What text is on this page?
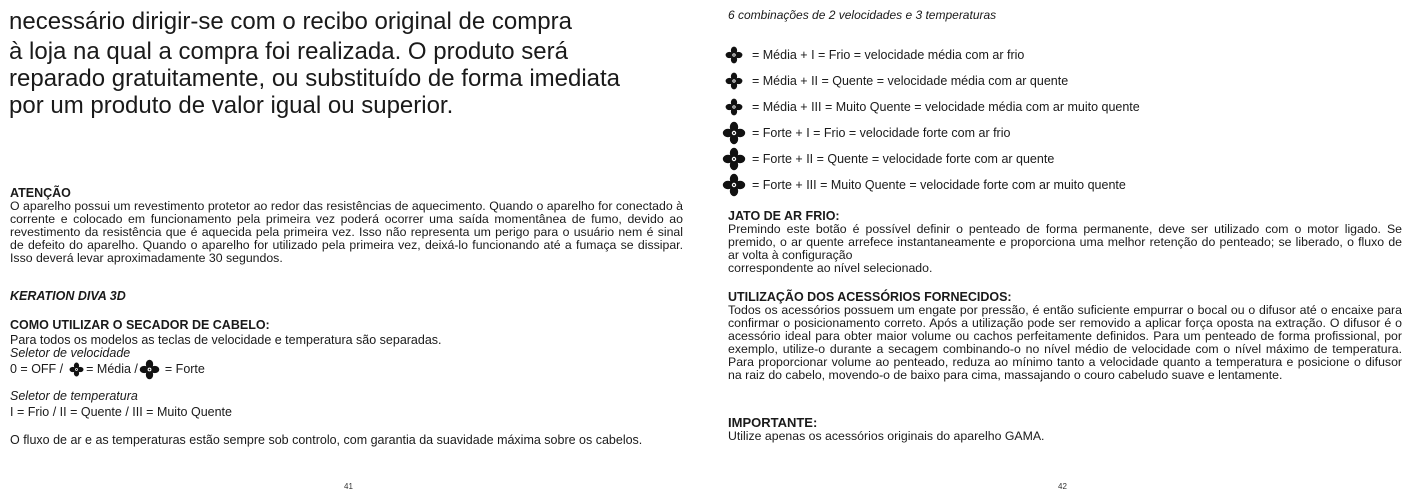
necessário dirigir-se com o recibo original de compra
à loja na qual a compra foi realizada. O produto será
reparado gratuitamente, ou substituído de forma imediata
por um produto de valor igual ou superior.
ATENÇÃO
O aparelho possui um revestimento protetor ao redor das resistências de aquecimento. Quando o aparelho for conectado à corrente e colocado em funcionamento pela primeira vez poderá ocorrer uma saída momentânea de fumo, devido ao revestimento da resistência que é aquecida pela primeira vez. Isso não representa um perigo para o usuário nem é sinal de defeito do aparelho. Quando o aparelho for utilizado pela primeira vez, deixá-lo funcionando até a fumaça se dissipar. Isso deverá levar aproximadamente 30 segundos.
KERATION DIVA 3D
COMO UTILIZAR O SECADOR DE CABELO:
Para todos os modelos as teclas de velocidade e temperatura são separadas.
Seletor de velocidade
0 = OFF / = Média / = Forte
Seletor de temperatura
I = Frio / II = Quente / III = Muito Quente
O fluxo de ar e as temperaturas estão sempre sob controlo, com garantia da suavidade máxima sobre os cabelos.
41
6 combinações de 2 velocidades e 3 temperaturas
= Média + I = Frio = velocidade média com ar frio
= Média + II = Quente = velocidade média com ar quente
= Média + III = Muito Quente = velocidade média com ar muito quente
= Forte + I = Frio = velocidade forte com ar frio
= Forte + II = Quente = velocidade forte com ar quente
= Forte + III = Muito Quente = velocidade forte com ar muito quente
JATO DE AR FRIO:
Premindo este botão é possível definir o penteado de forma permanente, deve ser utilizado com o motor ligado. Se premido, o ar quente arrefece instantaneamente e proporciona uma melhor retenção do penteado; se liberado, o fluxo de ar volta à configuração
correspondente ao nível selecionado.
UTILIZAÇÃO DOS ACESSÓRIOS FORNECIDOS:
Todos os acessórios possuem um engate por pressão, é então suficiente empurrar o bocal ou o difusor até o encaixe para confirmar o posicionamento correto. Após a utilização pode ser removido a aplicar força oposta na extração. O difusor é o acessório ideal para obter maior volume ou cachos perfeitamente definidos. Para um penteado de forma profissional, por exemplo, utilize-o durante a secagem combinando-o no nível médio de velocidade com o nível máximo de temperatura. Para proporcionar volume ao penteado, reduza ao mínimo tanto a velocidade quanto a temperatura e posicione o difusor na raiz do cabelo, movendo-o de baixo para cima, massajando o couro cabeludo suave e lentamente.
IMPORTANTE:
Utilize apenas os acessórios originais do aparelho GAMA.
42
